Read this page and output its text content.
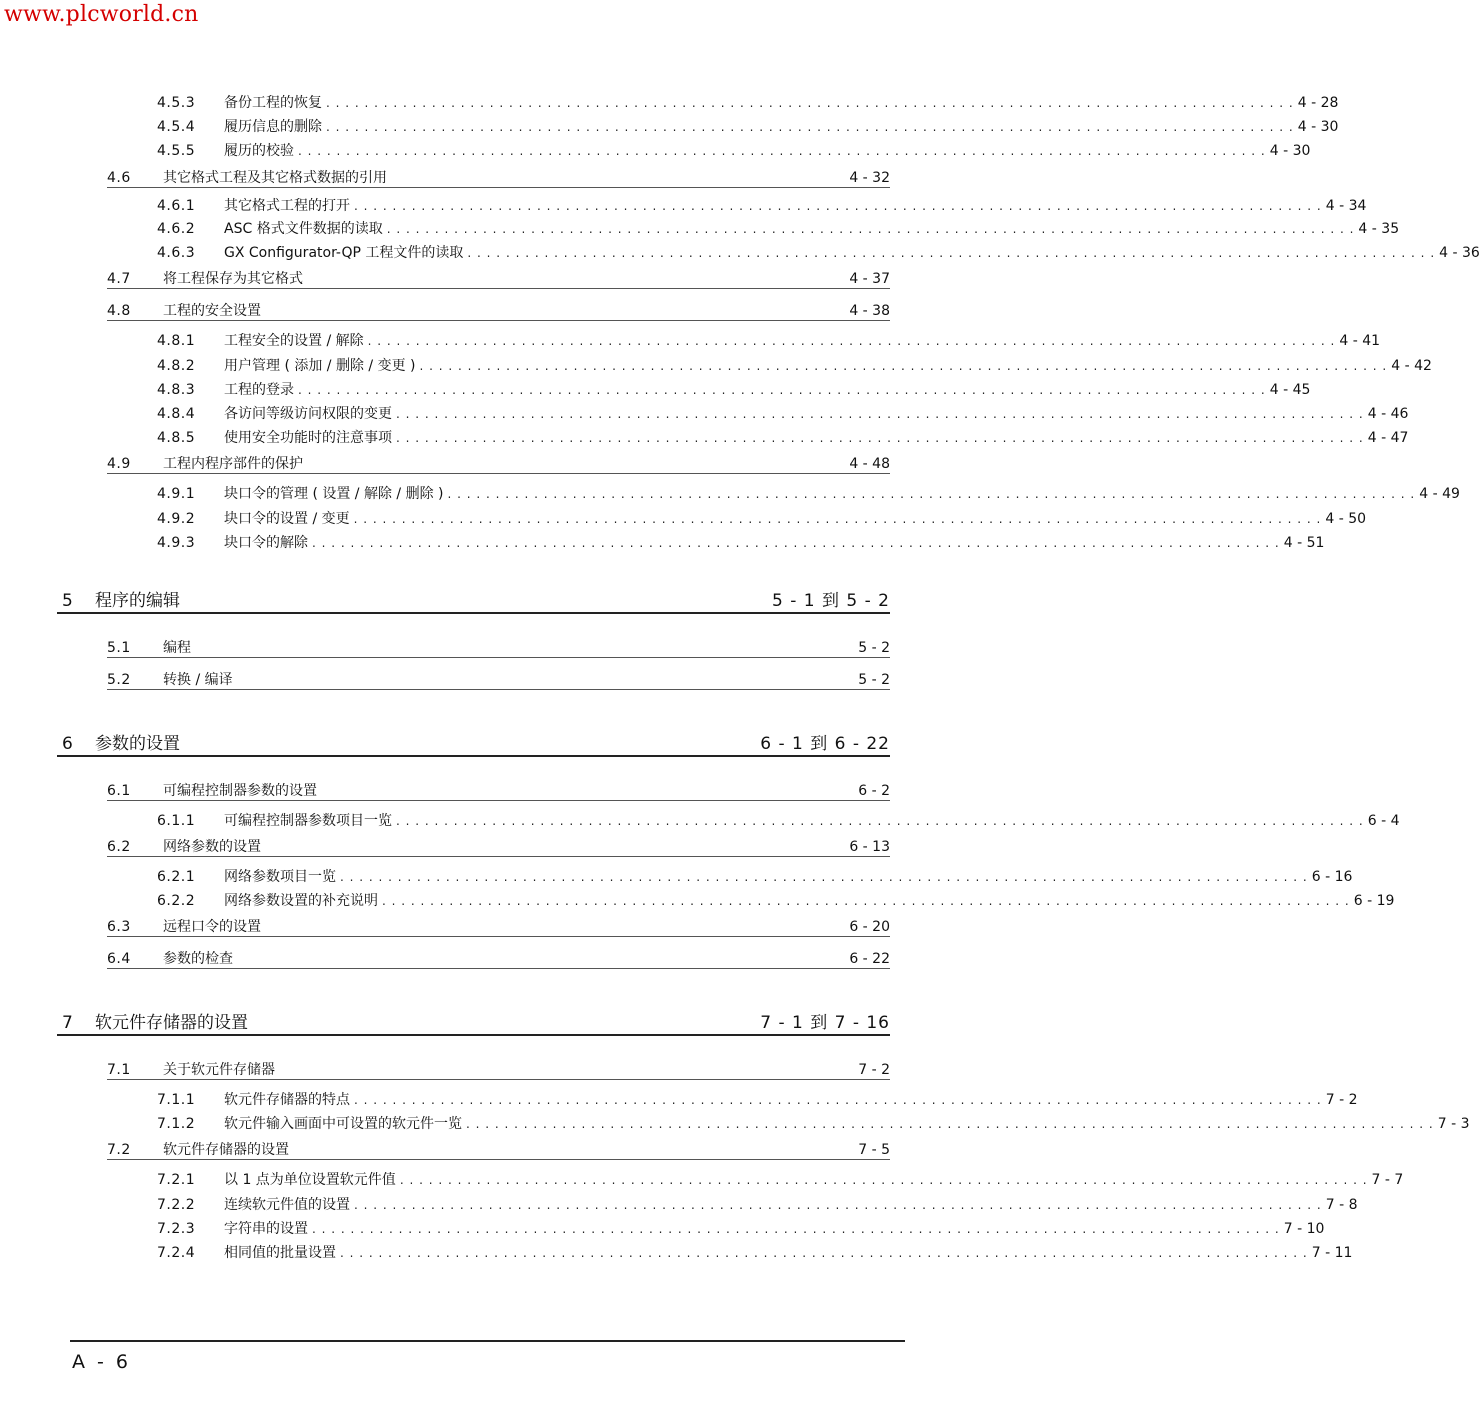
www.plcworld.cn
4.5.3	备份工程的恢复 . . . . . . . . . . . . . . . . . . . . . . . . . . . . . . . . . . . . . . . . . . . . . . . . . . . . . . . . . . . . . . . . . . . . . . . . . . . . . . . . . . . . . . . . . . . . . . . . . . . . . 4 - 28
4.5.4	履历信息的删除 . . . . . . . . . . . . . . . . . . . . . . . . . . . . . . . . . . . . . . . . . . . . . . . . . . . . . . . . . . . . . . . . . . . . . . . . . . . . . . . . . . . . . . . . . . . . . . . . . . . . . 4 - 30
4.5.5	履历的校验 . . . . . . . . . . . . . . . . . . . . . . . . . . . . . . . . . . . . . . . . . . . . . . . . . . . . . . . . . . . . . . . . . . . . . . . . . . . . . . . . . . . . . . . . . . . . . . . . . . . . . 4 - 30
4.6	其它格式工程及其它格式数据的引用	4 - 32
4.6.1	其它格式工程的打开 . . . . . . . . . . . . . . . . . . . . . . . . . . . . . . . . . . . . . . . . . . . . . . . . . . . . . . . . . . . . . . . . . . . . . . . . . . . . . . . . . . . . . . . . . . . . . . . . . . . . . 4 - 34
4.6.2	ASC 格式文件数据的读取 . . . . . . . . . . . . . . . . . . . . . . . . . . . . . . . . . . . . . . . . . . . . . . . . . . . . . . . . . . . . . . . . . . . . . . . . . . . . . . . . . . . . . . . . . . . . . . . . . . . . . 4 - 35
4.6.3	GX Configurator-QP 工程文件的读取 . . . . . . . . . . . . . . . . . . . . . . . . . . . . . . . . . . . . . . . . . . . . . . . . . . . . . . . . . . . . . . . . . . . . . . . . . . . . . . . . . . . . . . . . . . . . . . . . . . . . . 4 - 36
4.7	将工程保存为其它格式	4 - 37
4.8	工程的安全设置	4 - 38
4.8.1	工程安全的设置 / 解除 . . . . . . . . . . . . . . . . . . . . . . . . . . . . . . . . . . . . . . . . . . . . . . . . . . . . . . . . . . . . . . . . . . . . . . . . . . . . . . . . . . . . . . . . . . . . . . . . . . . . . 4 - 41
4.8.2	用户管理 ( 添加 / 删除 / 变更 ) . . . . . . . . . . . . . . . . . . . . . . . . . . . . . . . . . . . . . . . . . . . . . . . . . . . . . . . . . . . . . . . . . . . . . . . . . . . . . . . . . . . . . . . . . . . . . . . . . . . . . 4 - 42
4.8.3	工程的登录 . . . . . . . . . . . . . . . . . . . . . . . . . . . . . . . . . . . . . . . . . . . . . . . . . . . . . . . . . . . . . . . . . . . . . . . . . . . . . . . . . . . . . . . . . . . . . . . . . . . . . 4 - 45
4.8.4	各访问等级访问权限的变更 . . . . . . . . . . . . . . . . . . . . . . . . . . . . . . . . . . . . . . . . . . . . . . . . . . . . . . . . . . . . . . . . . . . . . . . . . . . . . . . . . . . . . . . . . . . . . . . . . . . . . 4 - 46
4.8.5	使用安全功能时的注意事项 . . . . . . . . . . . . . . . . . . . . . . . . . . . . . . . . . . . . . . . . . . . . . . . . . . . . . . . . . . . . . . . . . . . . . . . . . . . . . . . . . . . . . . . . . . . . . . . . . . . . . 4 - 47
4.9	工程内程序部件的保护	4 - 48
4.9.1	块口令的管理 ( 设置 / 解除 / 删除 ) . . . . . . . . . . . . . . . . . . . . . . . . . . . . . . . . . . . . . . . . . . . . . . . . . . . . . . . . . . . . . . . . . . . . . . . . . . . . . . . . . . . . . . . . . . . . . . . . . . . . . 4 - 49
4.9.2	块口令的设置 / 变更 . . . . . . . . . . . . . . . . . . . . . . . . . . . . . . . . . . . . . . . . . . . . . . . . . . . . . . . . . . . . . . . . . . . . . . . . . . . . . . . . . . . . . . . . . . . . . . . . . . . . . 4 - 50
4.9.3	块口令的解除 . . . . . . . . . . . . . . . . . . . . . . . . . . . . . . . . . . . . . . . . . . . . . . . . . . . . . . . . . . . . . . . . . . . . . . . . . . . . . . . . . . . . . . . . . . . . . . . . . . . . . 4 - 51
5	程序的编辑	5 - 1 到 5 - 2
5.1	编程	5 - 2
5.2	转换 / 编译	5 - 2
6	参数的设置	6 - 1 到 6 - 22
6.1	可编程控制器参数的设置	6 - 2
6.1.1	可编程控制器参数项目一览 . . . . . . . . . . . . . . . . . . . . . . . . . . . . . . . . . . . . . . . . . . . . . . . . . . . . . . . . . . . . . . . . . . . . . . . . . . . . . . . . . . . . . . . . . . . . . . . . . . . . . 6 - 4
6.2	网络参数的设置	6 - 13
6.2.1	网络参数项目一览 . . . . . . . . . . . . . . . . . . . . . . . . . . . . . . . . . . . . . . . . . . . . . . . . . . . . . . . . . . . . . . . . . . . . . . . . . . . . . . . . . . . . . . . . . . . . . . . . . . . . . 6 - 16
6.2.2	网络参数设置的补充说明 . . . . . . . . . . . . . . . . . . . . . . . . . . . . . . . . . . . . . . . . . . . . . . . . . . . . . . . . . . . . . . . . . . . . . . . . . . . . . . . . . . . . . . . . . . . . . . . . . . . . . 6 - 19
6.3	远程口令的设置	6 - 20
6.4	参数的检查	6 - 22
7	软元件存储器的设置	7 - 1 到 7 - 16
7.1	关于软元件存储器	7 - 2
7.1.1	软元件存储器的特点 . . . . . . . . . . . . . . . . . . . . . . . . . . . . . . . . . . . . . . . . . . . . . . . . . . . . . . . . . . . . . . . . . . . . . . . . . . . . . . . . . . . . . . . . . . . . . . . . . . . . . 7 - 2
7.1.2	软元件输入画面中可设置的软元件一览 . . . . . . . . . . . . . . . . . . . . . . . . . . . . . . . . . . . . . . . . . . . . . . . . . . . . . . . . . . . . . . . . . . . . . . . . . . . . . . . . . . . . . . . . . . . . . . . . . . . . . 7 - 3
7.2	软元件存储器的设置	7 - 5
7.2.1	以 1 点为单位设置软元件值 . . . . . . . . . . . . . . . . . . . . . . . . . . . . . . . . . . . . . . . . . . . . . . . . . . . . . . . . . . . . . . . . . . . . . . . . . . . . . . . . . . . . . . . . . . . . . . . . . . . . . 7 - 7
7.2.2	连续软元件值的设置 . . . . . . . . . . . . . . . . . . . . . . . . . . . . . . . . . . . . . . . . . . . . . . . . . . . . . . . . . . . . . . . . . . . . . . . . . . . . . . . . . . . . . . . . . . . . . . . . . . . . . 7 - 8
7.2.3	字符串的设置 . . . . . . . . . . . . . . . . . . . . . . . . . . . . . . . . . . . . . . . . . . . . . . . . . . . . . . . . . . . . . . . . . . . . . . . . . . . . . . . . . . . . . . . . . . . . . . . . . . . . . 7 - 10
7.2.4	相同值的批量设置 . . . . . . . . . . . . . . . . . . . . . . . . . . . . . . . . . . . . . . . . . . . . . . . . . . . . . . . . . . . . . . . . . . . . . . . . . . . . . . . . . . . . . . . . . . . . . . . . . . . . . 7 - 11
A - 6
